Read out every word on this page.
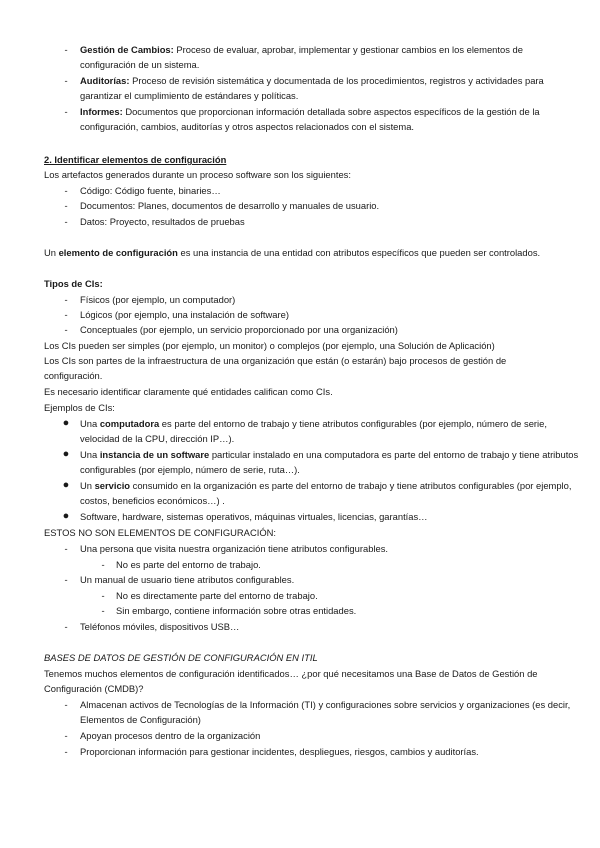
-	Gestión de Cambios: Proceso de evaluar, aprobar, implementar y gestionar cambios en los elementos de configuración de un sistema.
-	Auditorías: Proceso de revisión sistemática y documentada de los procedimientos, registros y actividades para garantizar el cumplimiento de estándares y políticas.
-	Informes: Documentos que proporcionan información detallada sobre aspectos específicos de la gestión de la configuración, cambios, auditorías y otros aspectos relacionados con el sistema.
2. Identificar elementos de configuración
Los artefactos generados durante un proceso software son los siguientes:
-	Código: Código fuente, binaries…
-	Documentos: Planes, documentos de desarrollo y manuales de usuario.
-	Datos: Proyecto, resultados de pruebas
Un elemento de configuración es una instancia de una entidad con atributos específicos que pueden ser controlados.
Tipos de CIs:
-	Físicos (por ejemplo, un computador)
-	Lógicos (por ejemplo, una instalación de software)
-	Conceptuales (por ejemplo, un servicio proporcionado por una organización)
Los CIs pueden ser simples (por ejemplo, un monitor) o complejos (por ejemplo, una Solución de Aplicación)
Los CIs son partes de la infraestructura de una organización que están (o estarán) bajo procesos de gestión de configuración.
Es necesario identificar claramente qué entidades califican como CIs.
Ejemplos de CIs:
● Una computadora es parte del entorno de trabajo y tiene atributos configurables (por ejemplo, número de serie, velocidad de la CPU, dirección IP…).
● Una instancia de un software particular instalado en una computadora es parte del entorno de trabajo y tiene atributos configurables (por ejemplo, número de serie, ruta…).
● Un servicio consumido en la organización es parte del entorno de trabajo y tiene atributos configurables (por ejemplo, costos, beneficios económicos…) .
● Software, hardware, sistemas operativos, máquinas virtuales, licencias, garantías…
ESTOS NO SON ELEMENTOS DE CONFIGURACIÓN:
-	Una persona que visita nuestra organización tiene atributos configurables.
-	No es parte del entorno de trabajo.
-	Un manual de usuario tiene atributos configurables.
-	No es directamente parte del entorno de trabajo.
-	Sin embargo, contiene información sobre otras entidades.
-	Teléfonos móviles, dispositivos USB…
BASES DE DATOS DE GESTIÓN DE CONFIGURACIÓN EN ITIL
Tenemos muchos elementos de configuración identificados… ¿por qué necesitamos una Base de Datos de Gestión de Configuración (CMDB)?
-	Almacenan activos de Tecnologías de la Información (TI) y configuraciones sobre servicios y organizaciones (es decir, Elementos de Configuración)
-	Apoyan procesos dentro de la organización
-	Proporcionan información para gestionar incidentes, despliegues, riesgos, cambios y auditorías.
